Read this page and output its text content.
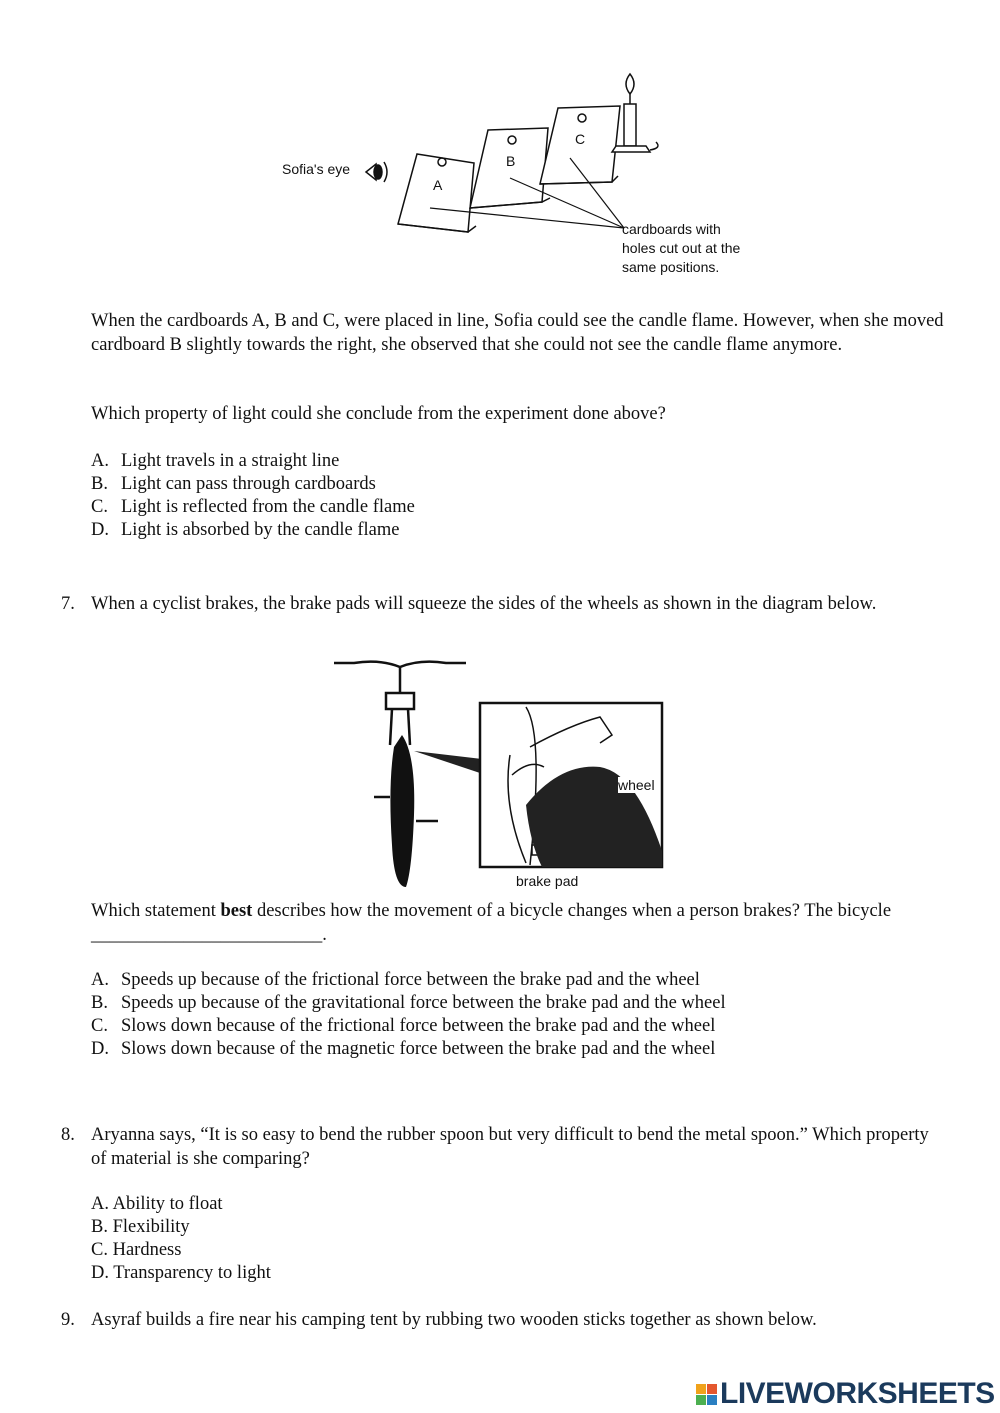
Sofia's eye
A
B
C
cardboards with
holes cut out at the
same positions.
When the cardboards A, B and C, were placed in line, Sofia could see the candle flame. However, when she moved cardboard B slightly towards the right, she observed that she could not see the candle flame anymore.
Which property of light could she conclude from the experiment done above?
A. Light travels in a straight line
B. Light can pass through cardboards
C. Light is reflected from the candle flame
D. Light is absorbed by the candle flame
7. When a cyclist brakes, the brake pads will squeeze the sides of the wheels as shown in the diagram below.
wheel
brake pad
Which statement best describes how the movement of a bicycle changes when a person brakes? The bicycle _________________________.
A. Speeds up because of the frictional force between the brake pad and the wheel
B. Speeds up because of the gravitational force between the brake pad and the wheel
C. Slows down because of the frictional force between the brake pad and the wheel
D. Slows down because of the magnetic force between the brake pad and the wheel
8. Aryanna says, “It is so easy to bend the rubber spoon but very difficult to bend the metal spoon.” Which property of material is she comparing?
A. Ability to float
B. Flexibility
C. Hardness
D. Transparency to light
9. Asyraf builds a fire near his camping tent by rubbing two wooden sticks together as shown below.
LIVEWORKSHEETS
